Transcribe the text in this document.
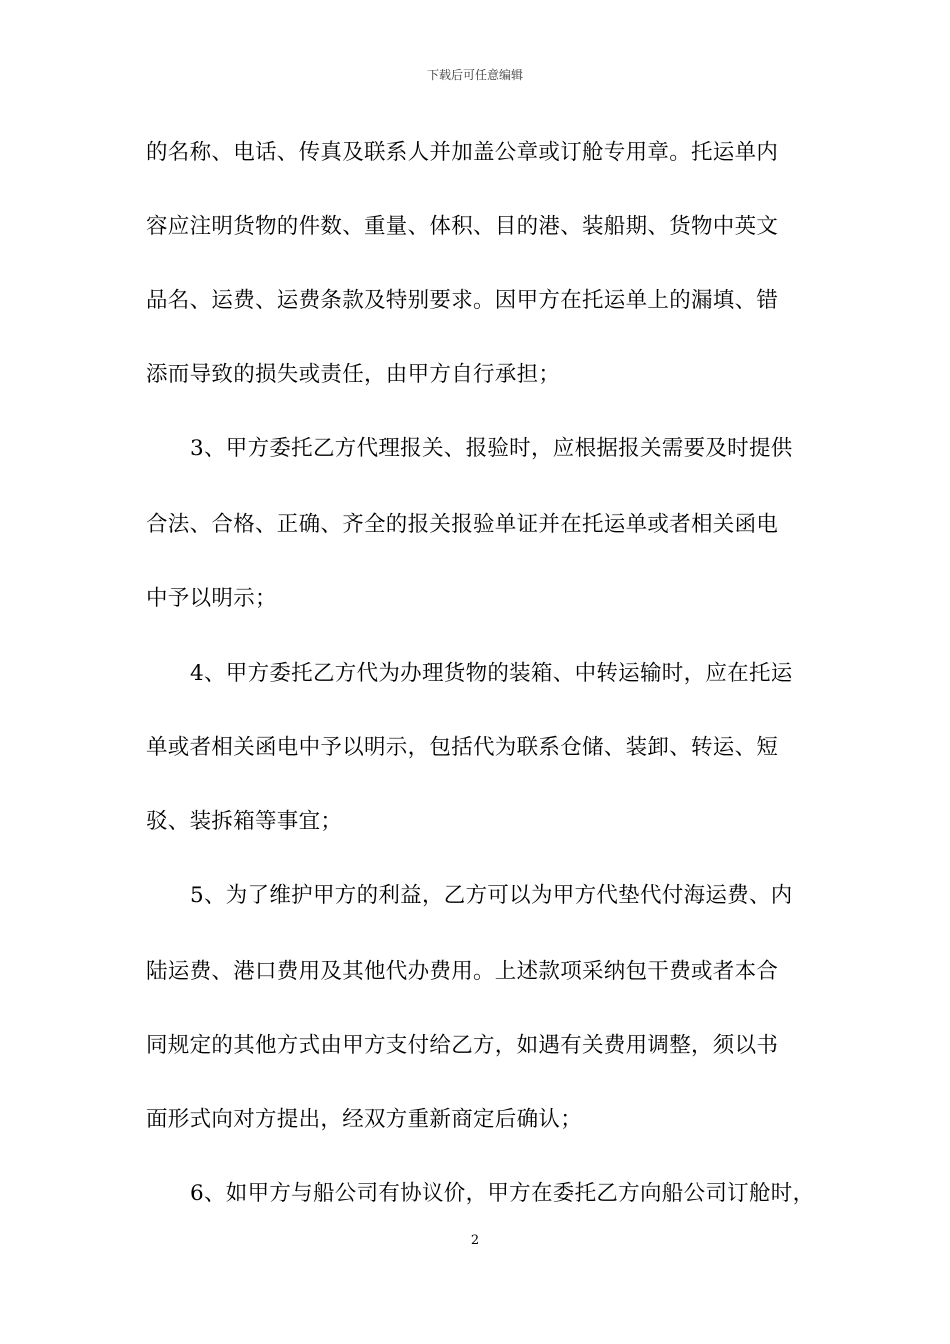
下载后可任意编辑
的名称、电话、传真及联系人并加盖公章或订舱专用章。托运单内
容应注明货物的件数、重量、体积、目的港、装船期、货物中英文
品名、运费、运费条款及特别要求。因甲方在托运单上的漏填、错
添而导致的损失或责任，由甲方自行承担；
3、甲方委托乙方代理报关、报验时，应根据报关需要及时提供
合法、合格、正确、齐全的报关报验单证并在托运单或者相关函电
中予以明示；
4、甲方委托乙方代为办理货物的装箱、中转运输时，应在托运
单或者相关函电中予以明示，包括代为联系仓储、装卸、转运、短
驳、装拆箱等事宜；
5、为了维护甲方的利益，乙方可以为甲方代垫代付海运费、内
陆运费、港口费用及其他代办费用。上述款项采纳包干费或者本合
同规定的其他方式由甲方支付给乙方，如遇有关费用调整，须以书
面形式向对方提出，经双方重新商定后确认；
6、如甲方与船公司有协议价，甲方在委托乙方向船公司订舱时，
2
